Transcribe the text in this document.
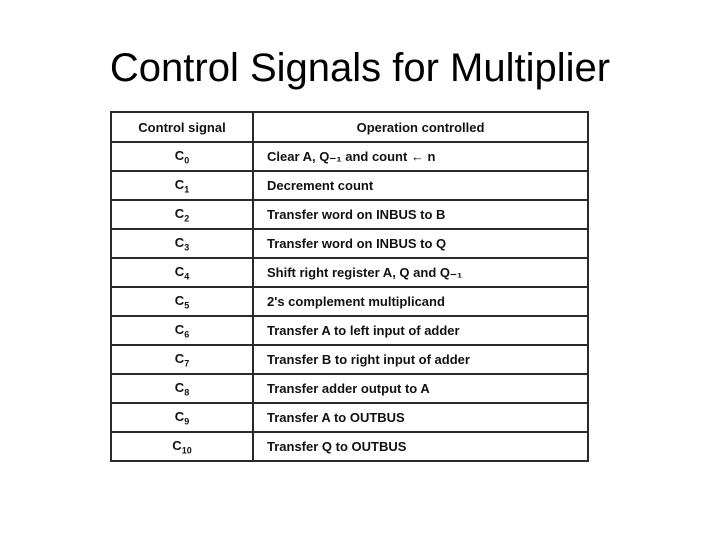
Control Signals for Multiplier
Control signal	Operation controlled
$C_0$	Clear A, Q₋₁ and count ← n
$C_1$	Decrement count
$C_2$	Transfer word on INBUS to B
$C_3$	Transfer word on INBUS to Q
$C_4$	Shift right register A, Q and Q₋₁
$C_5$	2's complement multiplicand
$C_6$	Transfer A to left input of adder
$C_7$	Transfer B to right input of adder
$C_8$	Transfer adder output to A
$C_9$	Transfer A to OUTBUS
$C_{10}$	Transfer Q to OUTBUS
